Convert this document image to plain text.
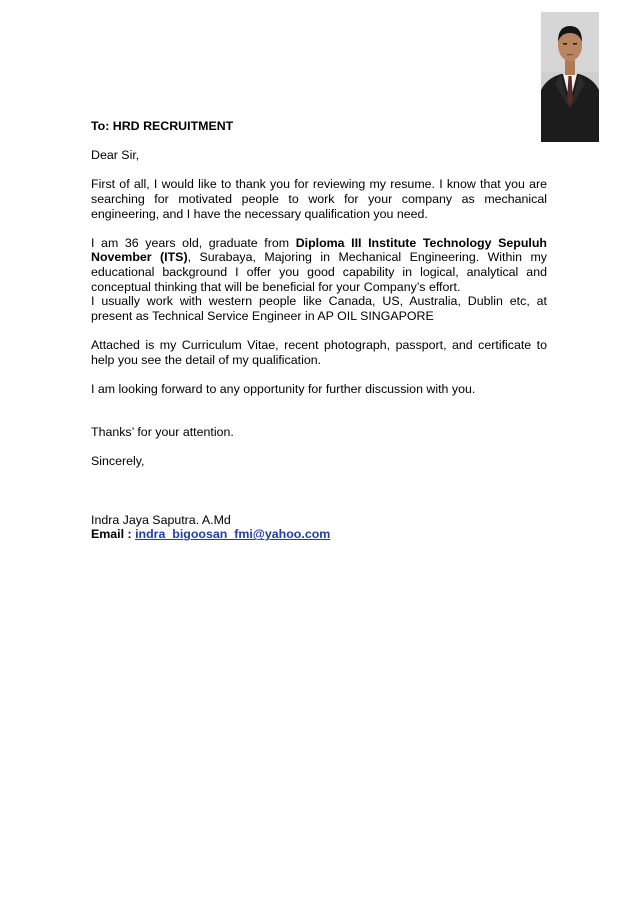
To: HRD RECRUITMENT

Dear Sir,

First of all, I would like to thank you for reviewing my resume. I know that you are searching for motivated people to work for your company as mechanical engineering, and I have the necessary qualification you need.

I am 36 years old, graduate from Diploma III Institute Technology Sepuluh November (ITS), Surabaya, Majoring in Mechanical Engineering. Within my educational background I offer you good capability in logical, analytical and conceptual thinking that will be beneficial for your Company’s effort.

I usually work with western people like Canada, US, Australia, Dublin etc, at present as Technical Service Engineer in AP OIL SINGAPORE

Attached is my Curriculum Vitae, recent photograph, passport, and certificate to help you see the detail of my qualification.

I am looking forward to any opportunity for further discussion with you.

Thanks’ for your attention.

Sincerely,

Indra Jaya Saputra. A.Md

Email : indra_bigoosan_fmi@yahoo.com
